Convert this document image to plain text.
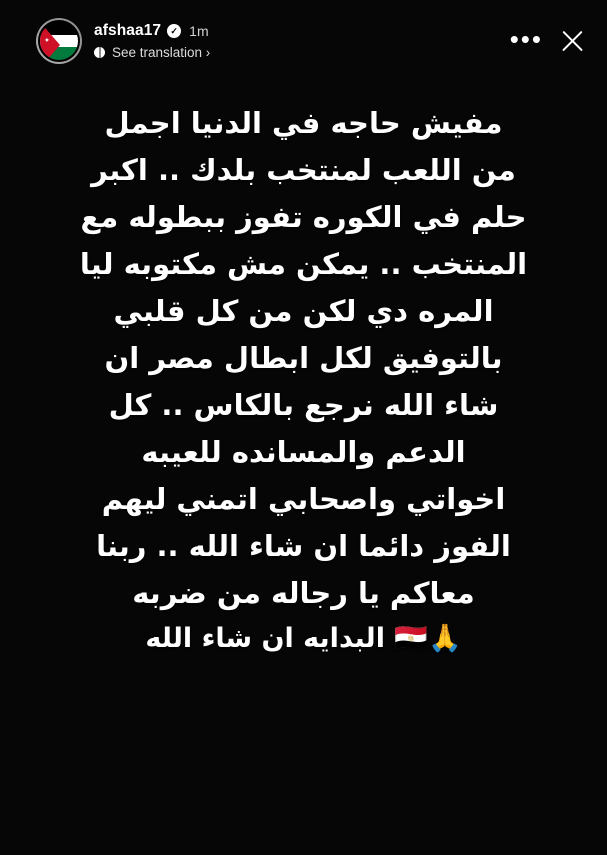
✦
afshaa17	✓ 1m
See translation ›	•••
مفيش حاجه في الدنيا اجمل
من اللعب لمنتخب بلدك .. اكبر
حلم في الكوره تفوز ببطوله مع
المنتخب .. يمكن مش مكتوبه ليا
المره دي لكن من كل قلبي
بالتوفيق لكل ابطال مصر ان
شاء الله نرجع بالكاس .. كل
الدعم والمسانده للعيبه
اخواتي واصحابي اتمني ليهم
الفوز دائما ان شاء الله .. ربنا
معاكم يا رجاله من ضربه
🙏🇪🇬 البدايه ان شاء الله
